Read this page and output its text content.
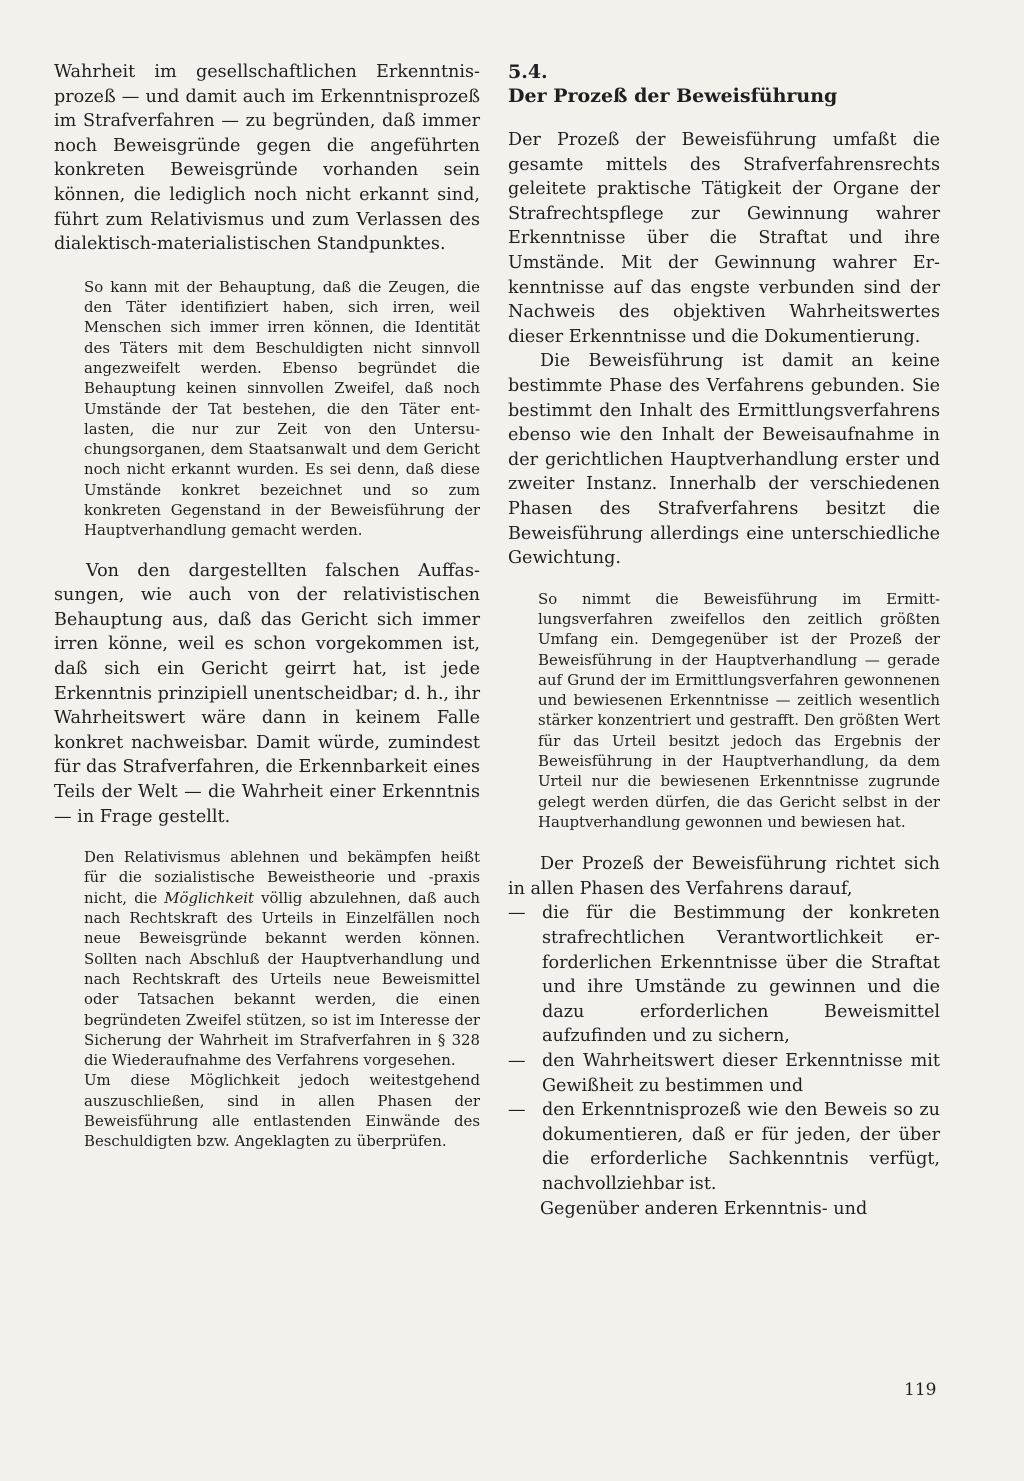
Wahrheit im gesellschaftlichen Erkenntnisprozeß — und damit auch im Erkenntnisprozeß im Strafverfahren — zu begründen, daß immer noch Beweisgründe gegen die angeführten konkreten Beweisgründe vorhanden sein können, die lediglich noch nicht erkannt sind, führt zum Relativismus und zum Verlassen des dialektisch-materialistischen Standpunktes.

So kann mit der Behauptung, daß die Zeugen, die den Täter identifiziert haben, sich irren, weil Menschen sich immer irren können, die Identität des Täters mit dem Beschuldigten nicht sinnvoll angezweifelt werden. Ebenso begründet die Behauptung keinen sinnvollen Zweifel, daß noch Umstände der Tat bestehen, die den Täter entlasten, die nur zur Zeit von den Untersuchungsorganen, dem Staatsanwalt und dem Gericht noch nicht erkannt wurden. Es sei denn, daß diese Umstände konkret bezeichnet und so zum konkreten Gegenstand in der Beweisführung der Hauptverhandlung gemacht werden.

Von den dargestellten falschen Auffassungen, wie auch von der relativistischen Behauptung aus, daß das Gericht sich immer irren könne, weil es schon vorgekommen ist, daß sich ein Gericht geirrt hat, ist jede Erkenntnis prinzipiell unentscheidbar; d. h., ihr Wahrheitswert wäre dann in keinem Falle konkret nachweisbar. Damit würde, zumindest für das Strafverfahren, die Erkennbarkeit eines Teils der Welt — die Wahrheit einer Erkenntnis — in Frage gestellt.

Den Relativismus ablehnen und bekämpfen heißt für die sozialistische Beweistheorie und -praxis nicht, die Möglichkeit völlig abzulehnen, daß auch nach Rechtskraft des Urteils in Einzelfällen noch neue Beweisgründe bekannt werden können. Sollten nach Abschluß der Hauptverhandlung und nach Rechtskraft des Urteils neue Beweismittel oder Tatsachen bekannt werden, die einen begründeten Zweifel stützen, so ist im Interesse der Sicherung der Wahrheit im Strafverfahren in § 328 die Wiederaufnahme des Verfahrens vorgesehen.

Um diese Möglichkeit jedoch weitestgehend auszuschließen, sind in allen Phasen der Beweisführung alle entlastenden Einwände des Beschuldigten bzw. Angeklagten zu überprüfen.

5.4.

Der Prozeß der Beweisführung

Der Prozeß der Beweisführung umfaßt die gesamte mittels des Strafverfahrensrechts geleitete praktische Tätigkeit der Organe der Strafrechtspflege zur Gewinnung wahrer Erkenntnisse über die Straftat und ihre Umstände. Mit der Gewinnung wahrer Erkenntnisse auf das engste verbunden sind der Nachweis des objektiven Wahrheitswertes dieser Erkenntnisse und die Dokumentierung.

Die Beweisführung ist damit an keine bestimmte Phase des Verfahrens gebunden. Sie bestimmt den Inhalt des Ermittlungsverfahrens ebenso wie den Inhalt der Beweisaufnahme in der gerichtlichen Hauptverhandlung erster und zweiter Instanz. Innerhalb der verschiedenen Phasen des Strafverfahrens besitzt die Beweisführung allerdings eine unterschiedliche Gewichtung.

So nimmt die Beweisführung im Ermittlungsverfahren zweifellos den zeitlich größten Umfang ein. Demgegenüber ist der Prozeß der Beweisführung in der Hauptverhandlung — gerade auf Grund der im Ermittlungsverfahren gewonnenen und bewiesenen Erkenntnisse — zeitlich wesentlich stärker konzentriert und gestrafft. Den größten Wert für das Urteil besitzt jedoch das Ergebnis der Beweisführung in der Hauptverhandlung, da dem Urteil nur die bewiesenen Erkenntnisse zugrunde gelegt werden dürfen, die das Gericht selbst in der Hauptverhandlung gewonnen und bewiesen hat.

Der Prozeß der Beweisführung richtet sich in allen Phasen des Verfahrens darauf,

— die für die Bestimmung der konkreten strafrechtlichen Verantwortlichkeit erforderlichen Erkenntnisse über die Straftat und ihre Umstände zu gewinnen und die dazu erforderlichen Beweismittel aufzufinden und zu sichern,
— den Wahrheitswert dieser Erkenntnisse mit Gewißheit zu bestimmen und
— den Erkenntnisprozeß wie den Beweis so zu dokumentieren, daß er für jeden, der über die erforderliche Sachkenntnis verfügt, nachvollziehbar ist.

Gegenüber anderen Erkenntnis- und

119
